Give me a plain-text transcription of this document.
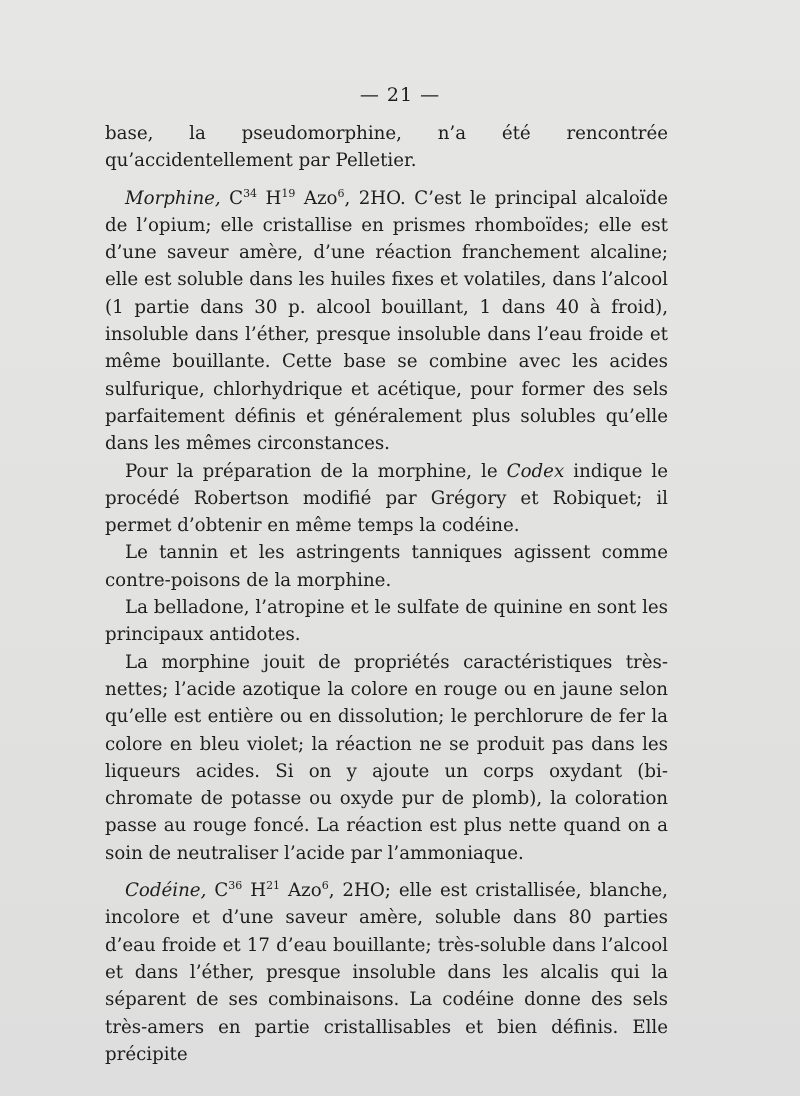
— 21 —

base, la pseudomorphine, n’a été rencontrée qu’accidentellement par Pelletier.

Morphine, $C^{34}$ $H^{19}$ Azo$^6$, 2HO. C’est le principal alcaloïde de l’opium; elle cristallise en prismes rhomboïdes; elle est d’une saveur amère, d’une réaction franchement alcaline; elle est soluble dans les huiles fixes et volatiles, dans l’alcool (1 partie dans 30 p. alcool bouillant, 1 dans 40 à froid), insoluble dans l’éther, presque insoluble dans l’eau froide et même bouillante. Cette base se combine avec les acides sulfurique, chlorhydrique et acétique, pour former des sels parfaitement définis et généralement plus solubles qu’elle dans les mêmes circonstances.

Pour la préparation de la morphine, le Codex indique le procédé Robertson modifié par Grégory et Robiquet; il permet d’obtenir en même temps la codéine.

Le tannin et les astringents tanniques agissent comme contre-poisons de la morphine.

La belladone, l’atropine et le sulfate de quinine en sont les principaux antidotes.

La morphine jouit de propriétés caractéristiques très-nettes; l’acide azotique la colore en rouge ou en jaune selon qu’elle est entière ou en dissolution; le perchlorure de fer la colore en bleu violet; la réaction ne se produit pas dans les liqueurs acides. Si on y ajoute un corps oxydant (bi-chromate de potasse ou oxyde pur de plomb), la coloration passe au rouge foncé. La réaction est plus nette quand on a soin de neutraliser l’acide par l’ammoniaque.

Codéine, $C^{36}$ $H^{21}$ Azo$^6$, 2HO; elle est cristallisée, blanche, incolore et d’une saveur amère, soluble dans 80 parties d’eau froide et 17 d’eau bouillante; très-soluble dans l’alcool et dans l’éther, presque insoluble dans les alcalis qui la séparent de ses combinaisons. La codéine donne des sels très-amers en partie cristallisables et bien définis. Elle précipite
